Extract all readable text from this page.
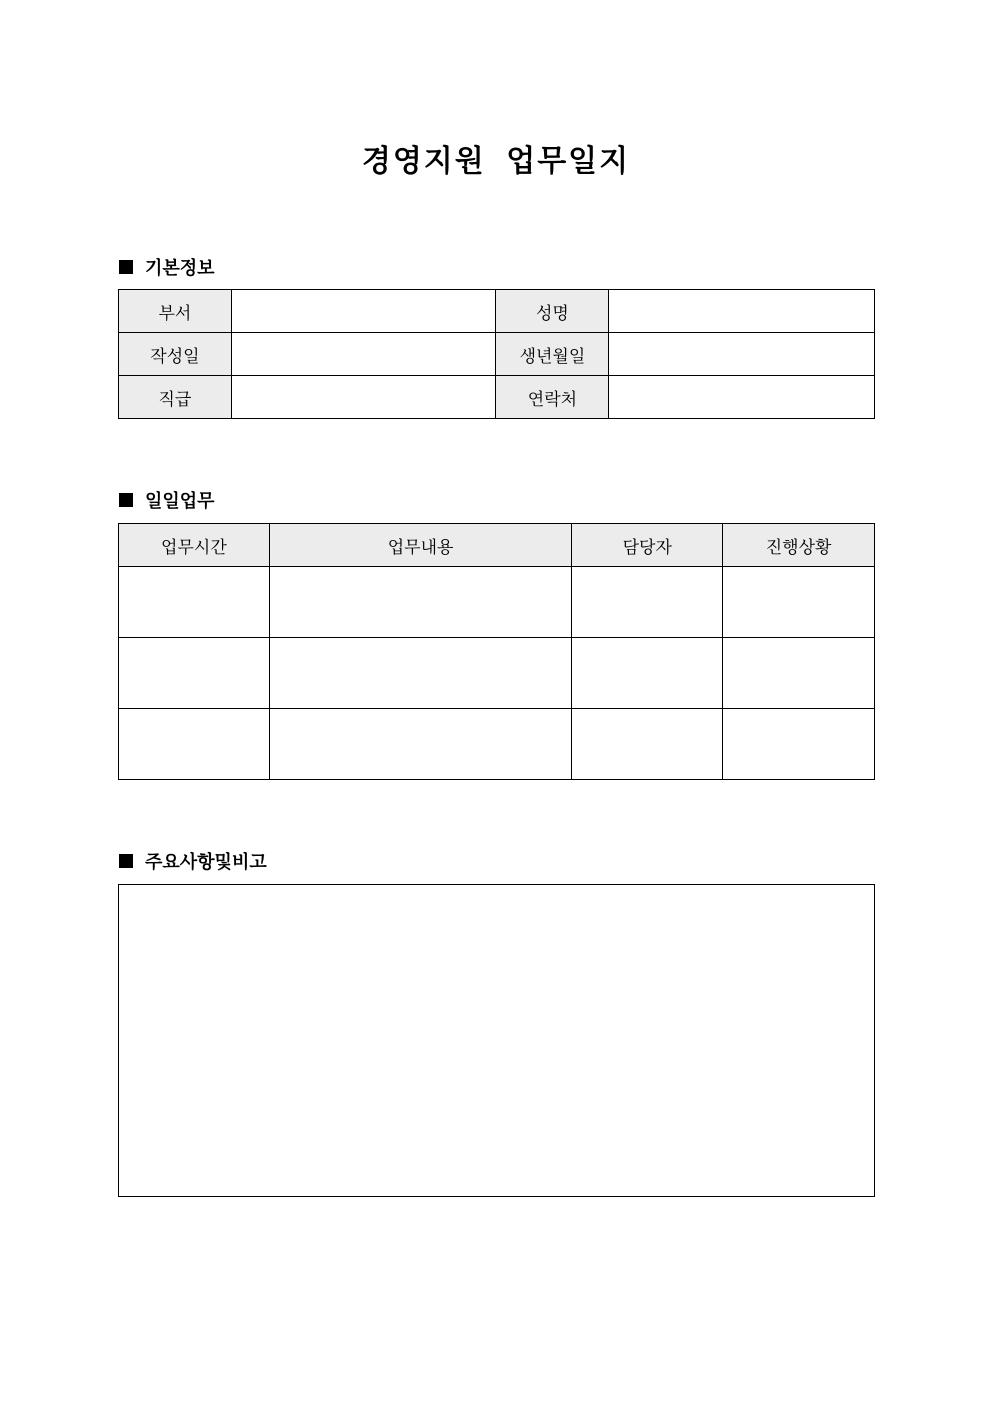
경영지원 업무일지
기본정보
부서		성명	
작성일		생년월일	
직급		연락처	
일일업무
업무시간	업무내용	담당자	진행상황

주요사항및비고
